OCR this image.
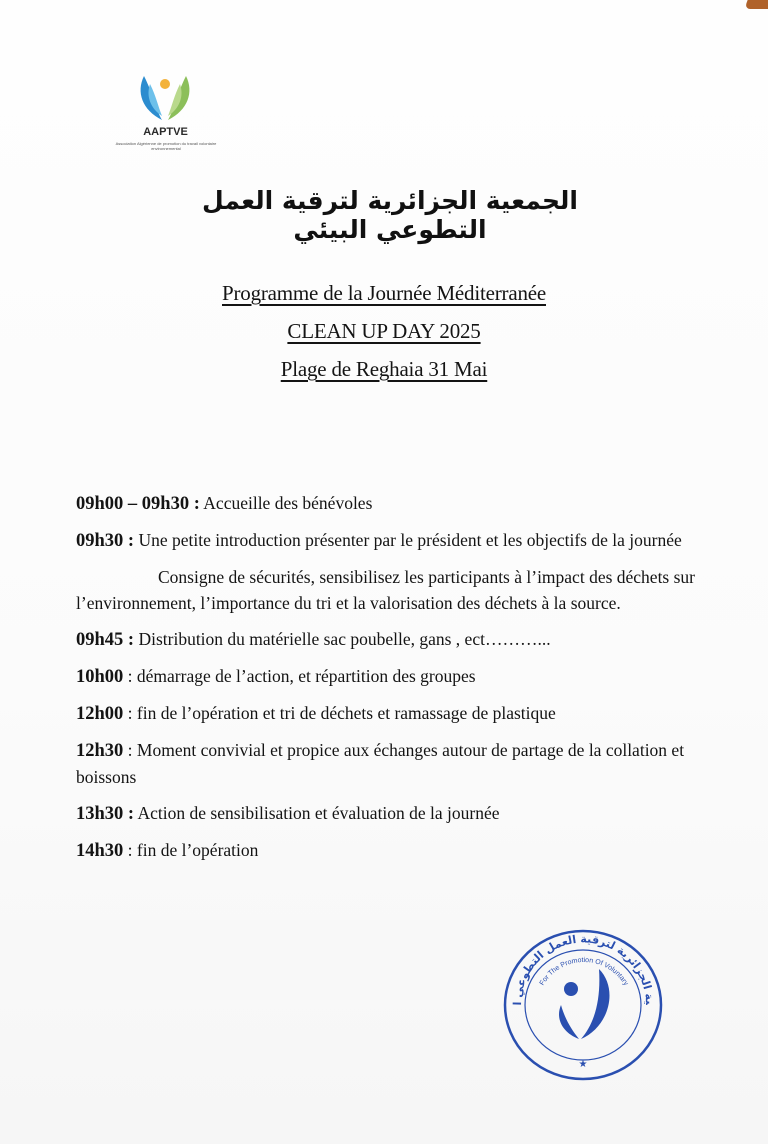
AAPTVE
Association Algérienne de promotion du travail volontaire environnemental
الجمعية الجزائرية لترقية العمل التطوعي البيئي
Programme de la Journée Méditerranée
CLEAN UP DAY 2025
Plage de Reghaia 31 Mai
09h00 – 09h30 : Accueille des bénévoles
09h30 : Une petite introduction présenter par le président et les objectifs de la journée
Consigne de sécurités, sensibilisez les participants à l’impact des déchets sur l’environnement, l’importance du tri et la valorisation des déchets à la source.
09h45 : Distribution du matérielle sac poubelle, gans , ect………...
10h00 : démarrage de l’action, et répartition des groupes
12h00 : fin de l’opération et tri de déchets et ramassage de plastique
12h30 : Moment convivial et propice aux échanges autour de partage de la collation et boissons
13h30 : Action de sensibilisation et évaluation de la journée
14h30 : fin de l’opération
ية الجزائرية لترقية العمل التطوعي ا
For The Promotion Of Voluntary
★
